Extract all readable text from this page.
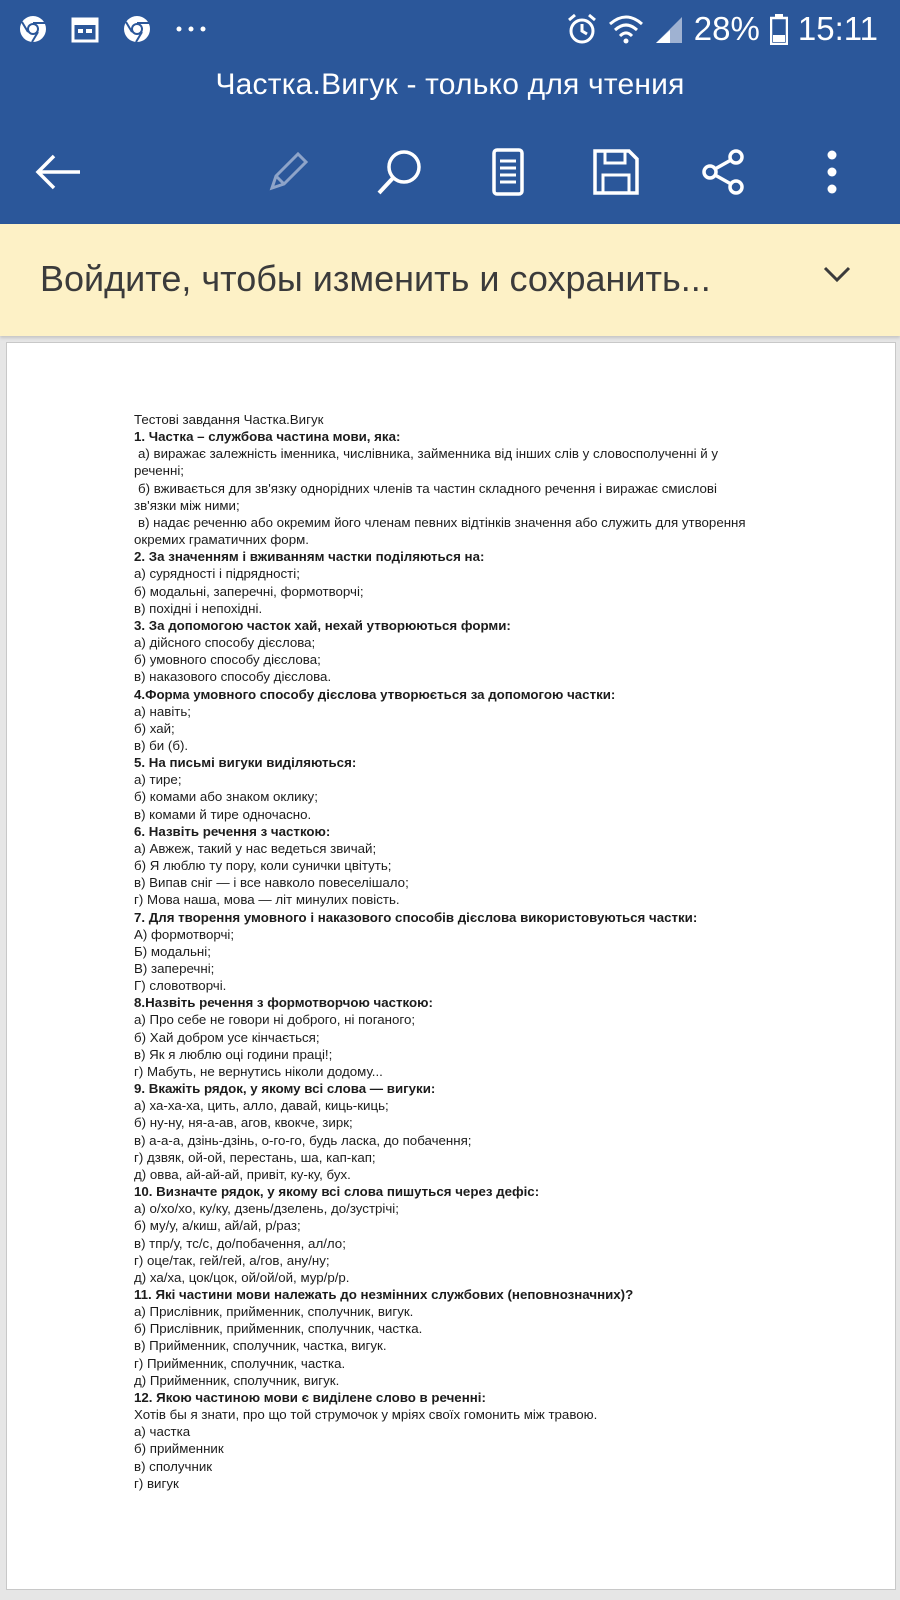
28% 15:11
Частка.Вигук - только для чтения
Войдите, чтобы изменить и сохранить...
Тестові завдання Частка.Вигук
1. Частка – службова частина мови, яка:
а) виражає залежність іменника, числівника, займенника від інших слів у словосполученні й у
реченні;
б) вживається для зв'язку однорідних членів та частин складного речення і виражає смислові
зв'язки між ними;
в) надає реченню або окремим його членам певних відтінків значення або служить для утворення
окремих граматичних форм.
2. За значенням і вживанням частки поділяються на:
а) сурядності і підрядності;
б) модальні, заперечні, формотворчі;
в) похідні і непохідні.
3. За допомогою часток хай, нехай утворюються форми:
а) дійсного способу дієслова;
б) умовного способу дієслова;
в) наказового способу дієслова.
4.Форма умовного способу дієслова утворюється за допомогою частки:
а) навіть;
б) хай;
в) би (б).
5. На письмі вигуки виділяються:
а) тире;
б) комами або знаком оклику;
в) комами й тире одночасно.
6. Назвіть речення з часткою:
а) Авжеж, такий у нас ведеться звичай;
б) Я люблю ту пору, коли сунички цвітуть;
в) Випав сніг — і все навколо повеселішало;
г) Мова наша, мова — літ минулих повість.
7. Для творення умовного і наказового способів дієслова використовуються частки:
А) формотворчі;
Б) модальні;
В) заперечні;
Г) словотворчі.
8.Назвіть речення з формотворчою часткою:
а) Про себе не говори ні доброго, ні поганого;
б) Хай добром усе кінчається;
в) Як я люблю оці години праці!;
г) Мабуть, не вернутись ніколи додому...
9. Вкажіть рядок, у якому всі слова — вигуки:
а) ха-ха-ха, цить, алло, давай, киць-киць;
б) ну-ну, ня-а-ав, агов, квокче, зирк;
в) а-а-а, дзінь-дзінь, о-го-го, будь ласка, до побачення;
г) дзвяк, ой-ой, перестань, ша, кап-кап;
д) овва, ай-ай-ай, привіт, ку-ку, бух.
10. Визначте рядок, у якому всі слова пишуться через дефіс:
а) о/хо/хо, ку/ку, дзень/дзелень, до/зустрічі;
б) му/у, а/киш, ай/ай, р/раз;
в) тпр/у, тс/с, до/побачення, ал/ло;
г) оце/так, гей/гей, а/гов, ану/ну;
д) ха/ха, цок/цок, ой/ой/ой, мур/р/р.
11. Які частини мови належать до незмінних службових (неповнозначних)?
а) Прислівник, прийменник, сполучник, вигук.
б) Прислівник, прийменник, сполучник, частка.
в) Прийменник, сполучник, частка, вигук.
г) Прийменник, сполучник, частка.
д) Прийменник, сполучник, вигук.
12. Якою частиною мови є виділене слово в реченні:
Хотів бы я знати, про що той струмочок у мріях своїх гомонить між травою.
а) частка
б) прийменник
в) сполучник
г) вигук
